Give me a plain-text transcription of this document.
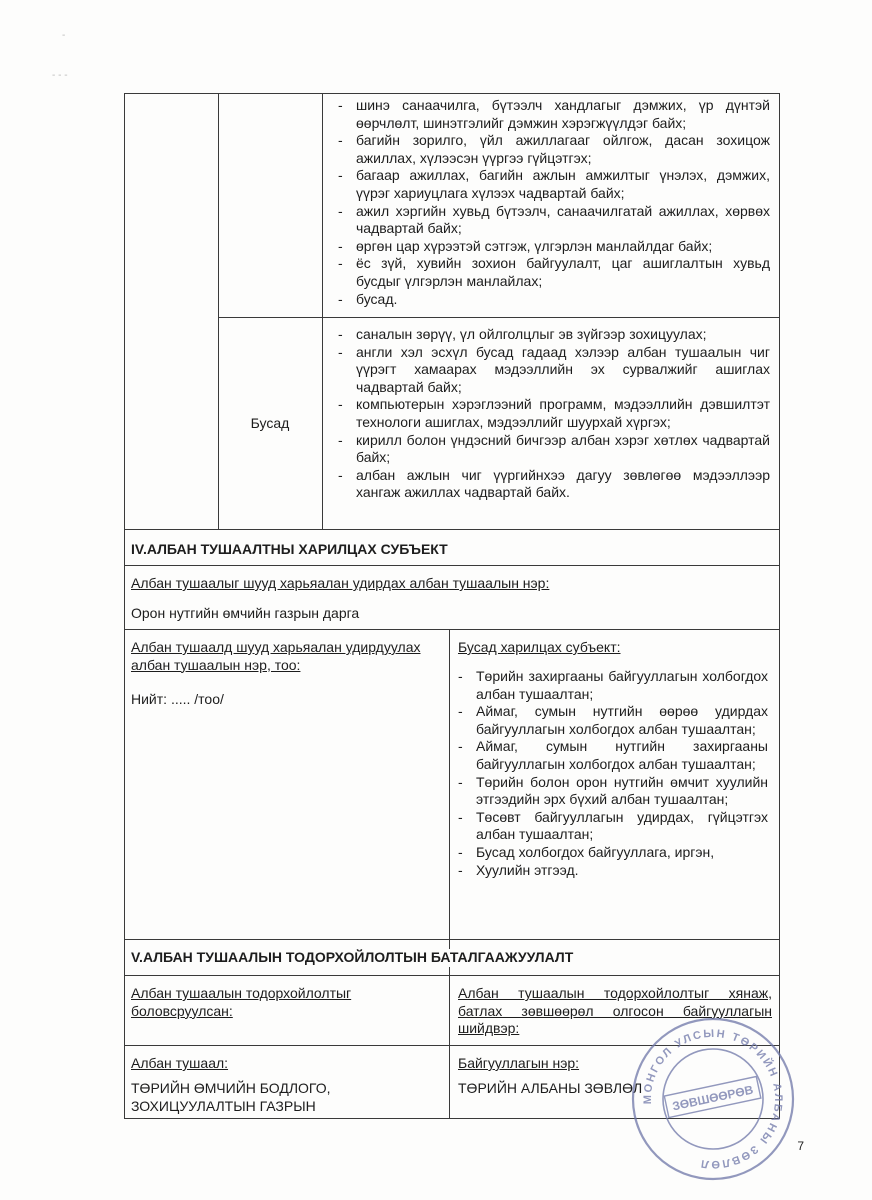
-
- - -
- шинэ санаачилга, бүтээлч хандлагыг дэмжих, үр дүнтэй өөрчлөлт, шинэтгэлийг дэмжин хэрэгжүүлдэг байх;
- багийн зорилго, үйл ажиллагааг ойлгож, дасан зохицож ажиллах, хүлээсэн үүргээ гүйцэтгэх;
- багаар ажиллах, багийн ажлын амжилтыг үнэлэх, дэмжих, үүрэг хариуцлага хүлээх чадвартай байх;
- ажил хэргийн хувьд бүтээлч, санаачилгатай ажиллах, хөрвөх чадвартай байх;
- өргөн цар хүрээтэй сэтгэж, үлгэрлэн манлайлдаг байх;
- ёс зүй, хувийн зохион байгуулалт, цаг ашиглалтын хувьд бусдыг үлгэрлэн манлайлах;
- бусад.
Бусад
- саналын зөрүү, үл ойлголцлыг эв зүйгээр зохицуулах;
- англи хэл эсхүл бусад гадаад хэлээр албан тушаалын чиг үүрэгт хамаарах мэдээллийн эх сурвалжийг ашиглах чадвартай байх;
- компьютерын хэрэглээний программ, мэдээллийн дэвшилтэт технологи ашиглах, мэдээллийг шуурхай хүргэх;
- кирилл болон үндэсний бичгээр албан хэрэг хөтлөх чадвартай байх;
- албан ажлын чиг үүргийнхээ дагуу зөвлөгөө мэдээллээр хангаж ажиллах чадвартай байх.
IV.АЛБАН ТУШААЛТНЫ ХАРИЛЦАХ СУБЪЕКТ
Албан тушаалыг шууд харьяалан удирдах албан тушаалын нэр:
Орон нутгийн өмчийн газрын дарга
Албан тушаалд шууд харьяалан удирдуулах албан тушаалын нэр, тоо:
Нийт: ..... /тоо/
Бусад харилцах субъект:
- Төрийн захиргааны байгууллагын холбогдох албан тушаалтан;
- Аймаг, сумын нутгийн өөрөө удирдах байгууллагын холбогдох албан тушаалтан;
- Аймаг, сумын нутгийн захиргааны байгууллагын холбогдох албан тушаалтан;
- Төрийн болон орон нутгийн өмчит хуулийн этгээдийн эрх бүхий албан тушаалтан;
- Төсөвт байгууллагын удирдах, гүйцэтгэх албан тушаалтан;
- Бусад холбогдох байгууллага, иргэн,
- Хуулийн этгээд.
V.АЛБАН ТУШААЛЫН ТОДОРХОЙЛОЛТЫН БАТАЛГААЖУУЛАЛТ
Албан тушаалын тодорхойлолтыг боловсруулсан:
Албан тушаалын тодорхойлолтыг хянаж, батлах зөвшөөрөл олгосон байгууллагын шийдвэр:
Албан тушаал:
ТӨРИЙН ӨМЧИЙН БОДЛОГО, ЗОХИЦУУЛАЛТЫН ГАЗРЫН
Байгууллагын нэр:
ТӨРИЙН АЛБАНЫ ЗӨВЛӨЛ
МОНГОЛ УЛСЫН ТӨРИЙН АЛБАНЫ ЗӨВЛӨЛ
ЗӨВШӨӨРӨВ
7
